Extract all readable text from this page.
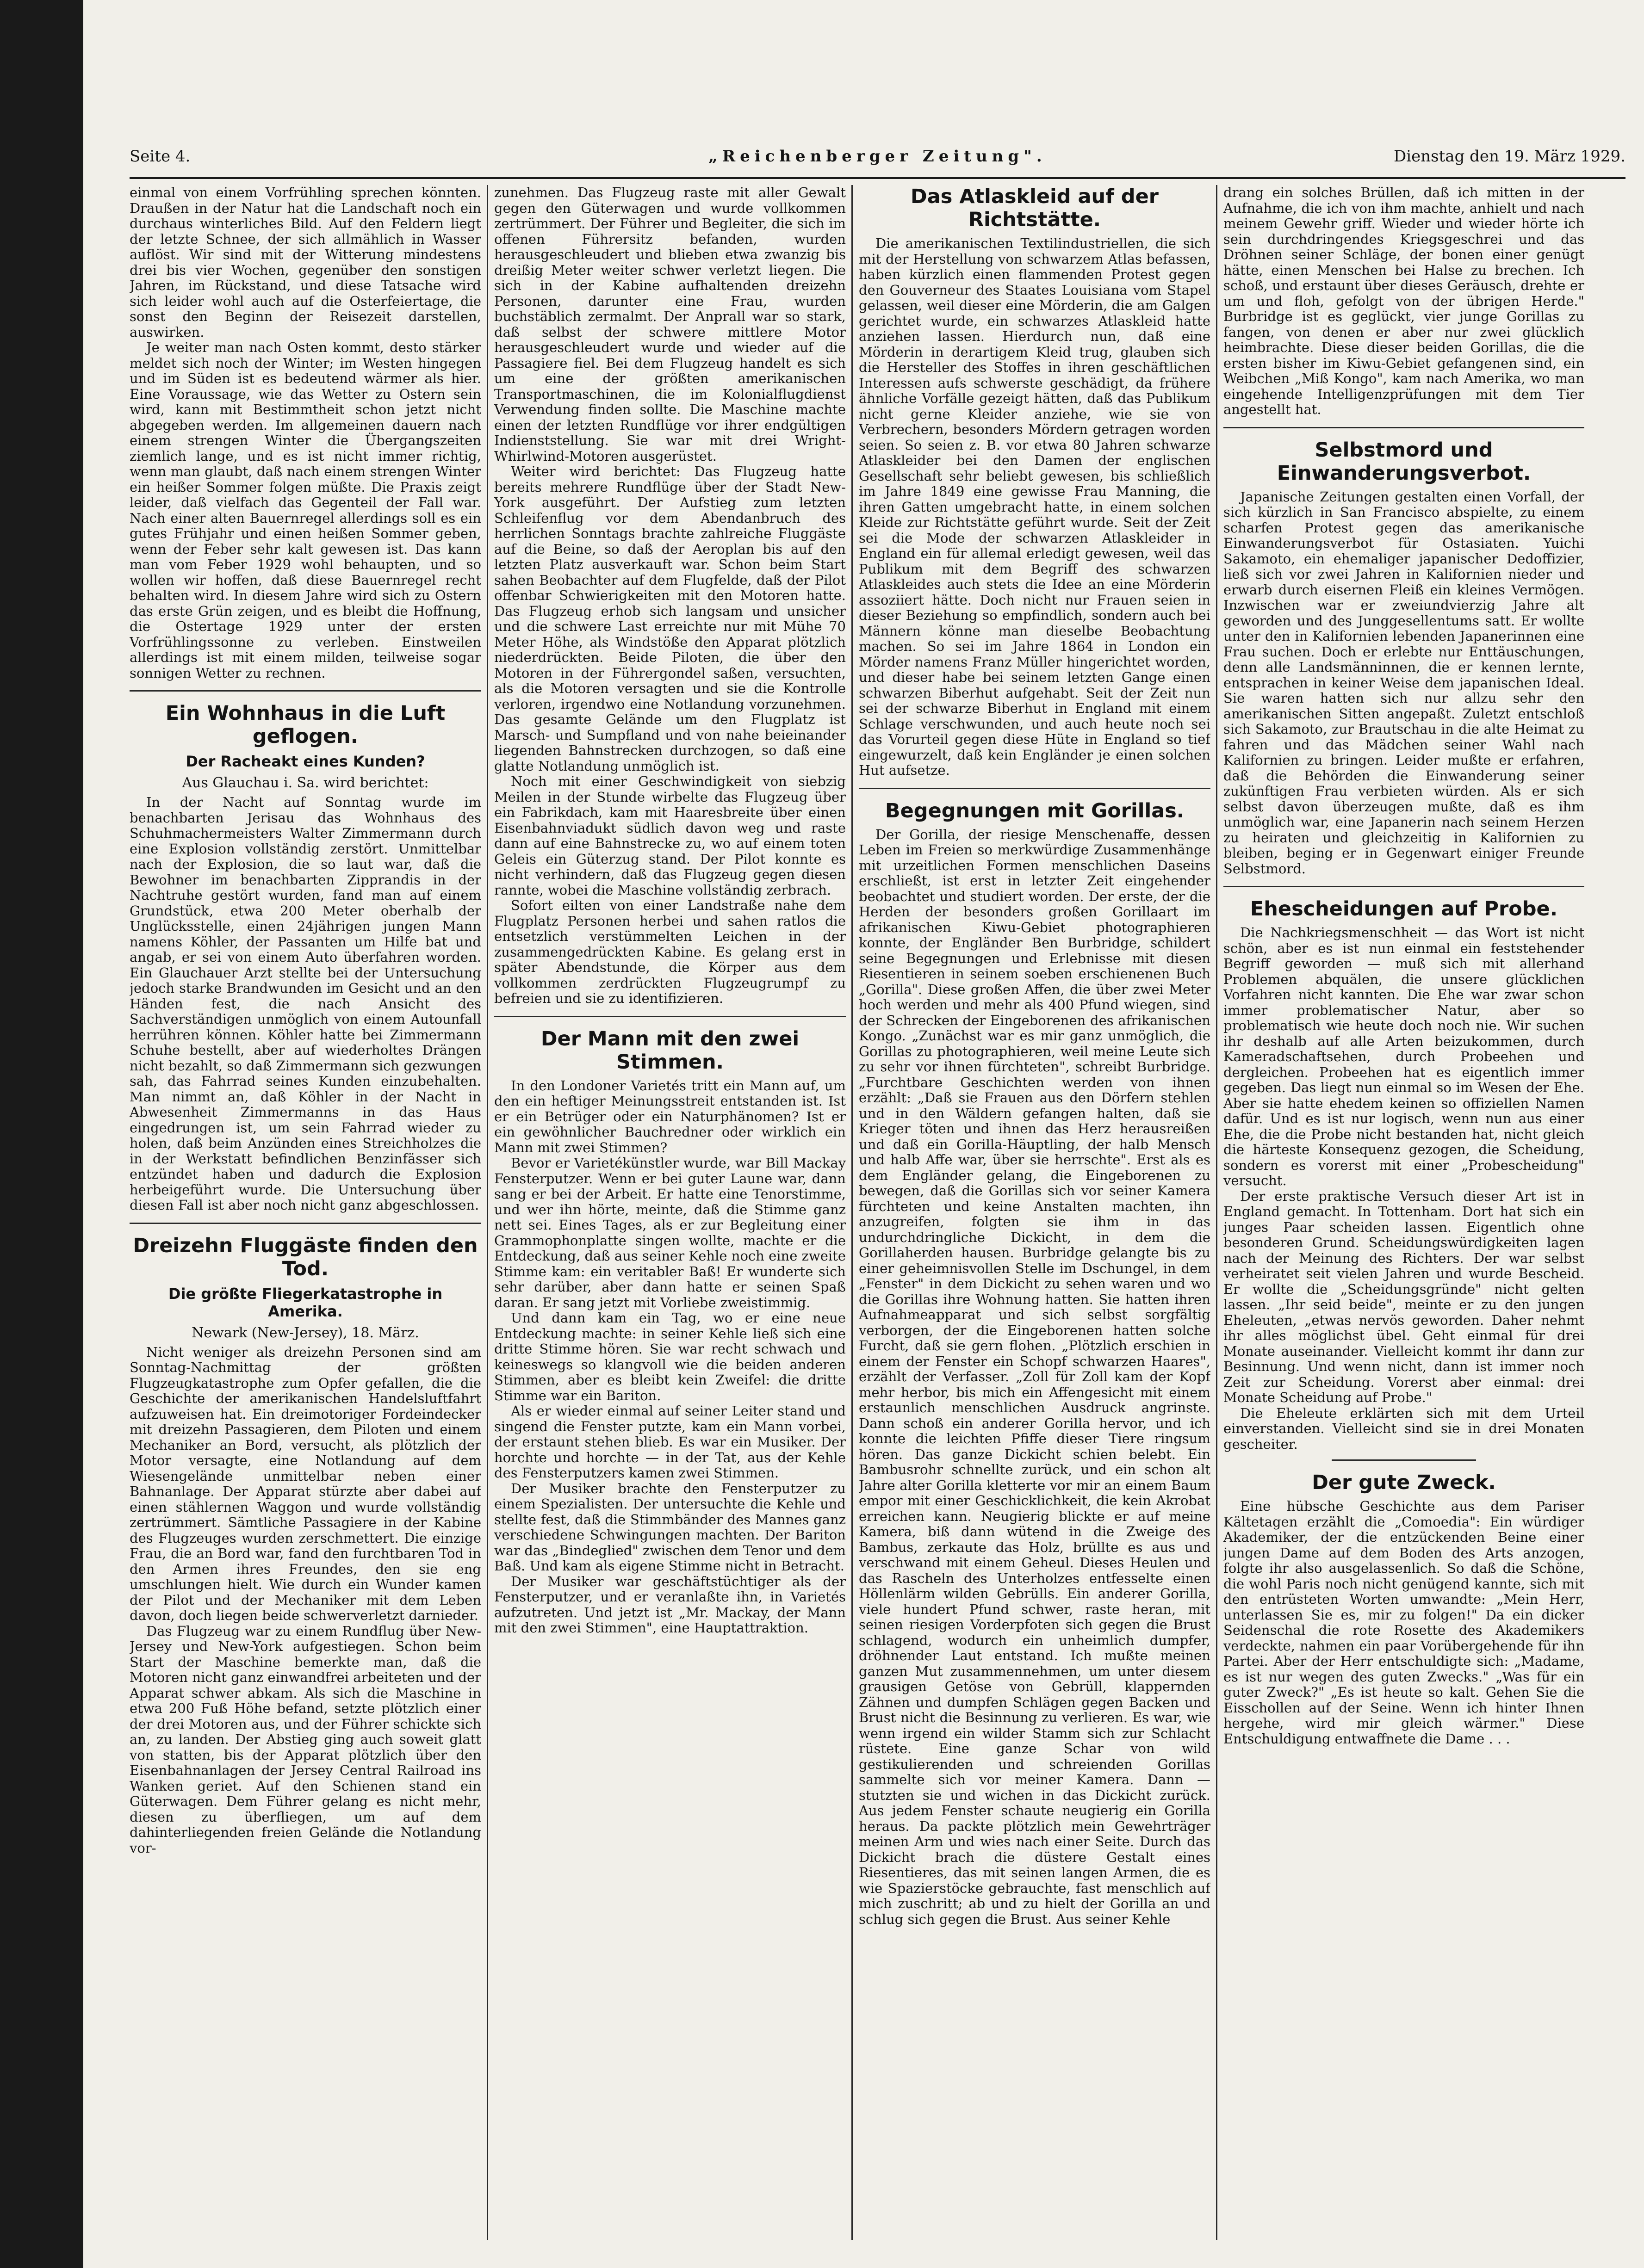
Seite 4.	„Reichenberger Zeitung".	Dienstag den 19. März 1929.

einmal von einem Vorfrühling sprechen könnten. Draußen in der Natur hat die Landschaft noch ein durchaus winterliches Bild. Auf den Feldern liegt der letzte Schnee, der sich allmählich in Wasser auflöst. Wir sind mit der Witterung mindestens drei bis vier Wochen, gegenüber den sonstigen Jahren, im Rückstand, und diese Tatsache wird sich leider wohl auch auf die Osterfeiertage, die sonst den Beginn der Reisezeit darstellen, auswirken.

Je weiter man nach Osten kommt, desto stärker meldet sich noch der Winter; im Westen hingegen und im Süden ist es bedeutend wärmer als hier. Eine Voraussage, wie das Wetter zu Ostern sein wird, kann mit Bestimmtheit schon jetzt nicht abgegeben werden. Im allgemeinen dauern nach einem strengen Winter die Übergangszeiten ziemlich lange, und es ist nicht immer richtig, wenn man glaubt, daß nach einem strengen Winter ein heißer Sommer folgen müßte. Die Praxis zeigt leider, daß vielfach das Gegenteil der Fall war. Nach einer alten Bauernregel allerdings soll es ein gutes Frühjahr und einen heißen Sommer geben, wenn der Feber sehr kalt gewesen ist. Das kann man vom Feber 1929 wohl behaupten, und so wollen wir hoffen, daß diese Bauernregel recht behalten wird. In diesem Jahre wird sich zu Ostern das erste Grün zeigen, und es bleibt die Hoffnung, die Ostertage 1929 unter der ersten Vorfrühlingssonne zu verleben. Einstweilen allerdings ist mit einem milden, teilweise sogar sonnigen Wetter zu rechnen.

Ein Wohnhaus in die Luft geflogen.
Der Racheakt eines Kunden?
Aus Glauchau i. Sa. wird berichtet:

In der Nacht auf Sonntag wurde im benachbarten Jerisau das Wohnhaus des Schuhmachermeisters Walter Zimmermann durch eine Explosion vollständig zerstört. Unmittelbar nach der Explosion, die so laut war, daß die Bewohner im benachbarten Zipprandis in der Nachtruhe gestört wurden, fand man auf einem Grundstück, etwa 200 Meter oberhalb der Unglücksstelle, einen 24jährigen jungen Mann namens Köhler, der Passanten um Hilfe bat und angab, er sei von einem Auto überfahren worden. Ein Glauchauer Arzt stellte bei der Untersuchung jedoch starke Brandwunden im Gesicht und an den Händen fest, die nach Ansicht des Sachverständigen unmöglich von einem Autounfall herrühren können. Köhler hatte bei Zimmermann Schuhe bestellt, aber auf wiederholtes Drängen nicht bezahlt, so daß Zimmermann sich gezwungen sah, das Fahrrad seines Kunden einzubehalten. Man nimmt an, daß Köhler in der Nacht in Abwesenheit Zimmermanns in das Haus eingedrungen ist, um sein Fahrrad wieder zu holen, daß beim Anzünden eines Streichholzes die in der Werkstatt befindlichen Benzinfässer sich entzündet haben und dadurch die Explosion herbeigeführt wurde. Die Untersuchung über diesen Fall ist aber noch nicht ganz abgeschlossen.

Dreizehn Fluggäste finden den Tod.
Die größte Fliegerkatastrophe in Amerika.
Newark (New-Jersey), 18. März.

Nicht weniger als dreizehn Personen sind am Sonntag-Nachmittag der größten Flugzeugkatastrophe zum Opfer gefallen, die die Geschichte der amerikanischen Handelsluftfahrt aufzuweisen hat. Ein dreimotoriger Fordeindecker mit dreizehn Passagieren, dem Piloten und einem Mechaniker an Bord, versucht, als plötzlich der Motor versagte, eine Notlandung auf dem Wiesengelände unmittelbar neben einer Bahnanlage. Der Apparat stürzte aber dabei auf einen stählernen Waggon und wurde vollständig zertrümmert. Sämtliche Passagiere in der Kabine des Flugzeuges wurden zerschmettert. Die einzige Frau, die an Bord war, fand den furchtbaren Tod in den Armen ihres Freundes, den sie eng umschlungen hielt. Wie durch ein Wunder kamen der Pilot und der Mechaniker mit dem Leben davon, doch liegen beide schwerverletzt darnieder.

Das Flugzeug war zu einem Rundflug über New-Jersey und New-York aufgestiegen. Schon beim Start der Maschine bemerkte man, daß die Motoren nicht ganz einwandfrei arbeiteten und der Apparat schwer abkam. Als sich die Maschine in etwa 200 Fuß Höhe befand, setzte plötzlich einer der drei Motoren aus, und der Führer schickte sich an, zu landen. Der Abstieg ging auch soweit glatt von statten, bis der Apparat plötzlich über den Eisenbahnanlagen der Jersey Central Railroad ins Wanken geriet. Auf den Schienen stand ein Güterwagen. Dem Führer gelang es nicht mehr, diesen zu überfliegen, um auf dem dahinterliegenden freien Gelände die Notlandung vor-

zunehmen. Das Flugzeug raste mit aller Gewalt gegen den Güterwagen und wurde vollkommen zertrümmert. Der Führer und Begleiter, die sich im offenen Führersitz befanden, wurden herausgeschleudert und blieben etwa zwanzig bis dreißig Meter weiter schwer verletzt liegen. Die sich in der Kabine aufhaltenden dreizehn Personen, darunter eine Frau, wurden buchstäblich zermalmt. Der Anprall war so stark, daß selbst der schwere mittlere Motor herausgeschleudert wurde und wieder auf die Passagiere fiel. Bei dem Flugzeug handelt es sich um eine der größten amerikanischen Transportmaschinen, die im Kolonialflugdienst Verwendung finden sollte. Die Maschine machte einen der letzten Rundflüge vor ihrer endgültigen Indienststellung. Sie war mit drei Wright-Whirlwind-Motoren ausgerüstet.

Weiter wird berichtet: Das Flugzeug hatte bereits mehrere Rundflüge über der Stadt New-York ausgeführt. Der Aufstieg zum letzten Schleifenflug vor dem Abendanbruch des herrlichen Sonntags brachte zahlreiche Fluggäste auf die Beine, so daß der Aeroplan bis auf den letzten Platz ausverkauft war. Schon beim Start sahen Beobachter auf dem Flugfelde, daß der Pilot offenbar Schwierigkeiten mit den Motoren hatte. Das Flugzeug erhob sich langsam und unsicher und die schwere Last erreichte nur mit Mühe 70 Meter Höhe, als Windstöße den Apparat plötzlich niederdrückten. Beide Piloten, die über den Motoren in der Führergondel saßen, versuchten, als die Motoren versagten und sie die Kontrolle verloren, irgendwo eine Notlandung vorzunehmen. Das gesamte Gelände um den Flugplatz ist Marsch- und Sumpfland und von nahe beieinander liegenden Bahnstrecken durchzogen, so daß eine glatte Notlandung unmöglich ist.

Noch mit einer Geschwindigkeit von siebzig Meilen in der Stunde wirbelte das Flugzeug über ein Fabrikdach, kam mit Haaresbreite über einen Eisenbahnviadukt südlich davon weg und raste dann auf eine Bahnstrecke zu, wo auf einem toten Geleis ein Güterzug stand. Der Pilot konnte es nicht verhindern, daß das Flugzeug gegen diesen rannte, wobei die Maschine vollständig zerbrach.

Sofort eilten von einer Landstraße nahe dem Flugplatz Personen herbei und sahen ratlos die entsetzlich verstümmelten Leichen in der zusammengedrückten Kabine. Es gelang erst in später Abendstunde, die Körper aus dem vollkommen zerdrückten Flugzeugrumpf zu befreien und sie zu identifizieren.

Der Mann mit den zwei Stimmen.

In den Londoner Varietés tritt ein Mann auf, um den ein heftiger Meinungsstreit entstanden ist. Ist er ein Betrüger oder ein Naturphänomen? Ist er ein gewöhnlicher Bauchredner oder wirklich ein Mann mit zwei Stimmen?

Bevor er Varietékünstler wurde, war Bill Mackay Fensterputzer. Wenn er bei guter Laune war, dann sang er bei der Arbeit. Er hatte eine Tenorstimme, und wer ihn hörte, meinte, daß die Stimme ganz nett sei. Eines Tages, als er zur Begleitung einer Grammophonplatte singen wollte, machte er die Entdeckung, daß aus seiner Kehle noch eine zweite Stimme kam: ein veritabler Baß! Er wunderte sich sehr darüber, aber dann hatte er seinen Spaß daran. Er sang jetzt mit Vorliebe zweistimmig.

Und dann kam ein Tag, wo er eine neue Entdeckung machte: in seiner Kehle ließ sich eine dritte Stimme hören. Sie war recht schwach und keineswegs so klangvoll wie die beiden anderen Stimmen, aber es bleibt kein Zweifel: die dritte Stimme war ein Bariton.

Als er wieder einmal auf seiner Leiter stand und singend die Fenster putzte, kam ein Mann vorbei, der erstaunt stehen blieb. Es war ein Musiker. Der horchte und horchte — in der Tat, aus der Kehle des Fensterputzers kamen zwei Stimmen.

Der Musiker brachte den Fensterputzer zu einem Spezialisten. Der untersuchte die Kehle und stellte fest, daß die Stimmbänder des Mannes ganz verschiedene Schwingungen machten. Der Bariton war das „Bindeglied" zwischen dem Tenor und dem Baß. Und kam als eigene Stimme nicht in Betracht.

Der Musiker war geschäftstüchtiger als der Fensterputzer, und er veranlaßte ihn, in Varietés aufzutreten. Und jetzt ist „Mr. Mackay, der Mann mit den zwei Stimmen", eine Hauptattraktion.

Das Atlaskleid auf der Richtstätte.

Die amerikanischen Textilindustriellen, die sich mit der Herstellung von schwarzem Atlas befassen, haben kürzlich einen flammenden Protest gegen den Gouverneur des Staates Louisiana vom Stapel gelassen, weil dieser eine Mörderin, die am Galgen gerichtet wurde, ein schwarzes Atlaskleid hatte anziehen lassen. Hierdurch nun, daß eine Mörderin in derartigem Kleid trug, glauben sich die Hersteller des Stoffes in ihren geschäftlichen Interessen aufs schwerste geschädigt, da frühere ähnliche Vorfälle gezeigt hätten, daß das Publikum nicht gerne Kleider anziehe, wie sie von Verbrechern, besonders Mördern getragen worden seien. So seien z. B. vor etwa 80 Jahren schwarze Atlaskleider bei den Damen der englischen Gesellschaft sehr beliebt gewesen, bis schließlich im Jahre 1849 eine gewisse Frau Manning, die ihren Gatten umgebracht hatte, in einem solchen Kleide zur Richtstätte geführt wurde. Seit der Zeit sei die Mode der schwarzen Atlaskleider in England ein für allemal erledigt gewesen, weil das Publikum mit dem Begriff des schwarzen Atlaskleides auch stets die Idee an eine Mörderin assoziiert hätte. Doch nicht nur Frauen seien in dieser Beziehung so empfindlich, sondern auch bei Männern könne man dieselbe Beobachtung machen. So sei im Jahre 1864 in London ein Mörder namens Franz Müller hingerichtet worden, und dieser habe bei seinem letzten Gange einen schwarzen Biberhut aufgehabt. Seit der Zeit nun sei der schwarze Biberhut in England mit einem Schlage verschwunden, und auch heute noch sei das Vorurteil gegen diese Hüte in England so tief eingewurzelt, daß kein Engländer je einen solchen Hut aufsetze.

Begegnungen mit Gorillas.

Der Gorilla, der riesige Menschenaffe, dessen Leben im Freien so merkwürdige Zusammenhänge mit urzeitlichen Formen menschlichen Daseins erschließt, ist erst in letzter Zeit eingehender beobachtet und studiert worden. Der erste, der die Herden der besonders großen Gorillaart im afrikanischen Kiwu-Gebiet photographieren konnte, der Engländer Ben Burbridge, schildert seine Begegnungen und Erlebnisse mit diesen Riesentieren in seinem soeben erschienenen Buch „Gorilla". Diese großen Affen, die über zwei Meter hoch werden und mehr als 400 Pfund wiegen, sind der Schrecken der Eingeborenen des afrikanischen Kongo. „Zunächst war es mir ganz unmöglich, die Gorillas zu photographieren, weil meine Leute sich zu sehr vor ihnen fürchteten", schreibt Burbridge. „Furchtbare Geschichten werden von ihnen erzählt: „Daß sie Frauen aus den Dörfern stehlen und in den Wäldern gefangen halten, daß sie Krieger töten und ihnen das Herz herausreißen und daß ein Gorilla-Häuptling, der halb Mensch und halb Affe war, über sie herrschte". Erst als es dem Engländer gelang, die Eingeborenen zu bewegen, daß die Gorillas sich vor seiner Kamera fürchteten und keine Anstalten machten, ihn anzugreifen, folgten sie ihm in das undurchdringliche Dickicht, in dem die Gorillaherden hausen. Burbridge gelangte bis zu einer geheimnisvollen Stelle im Dschungel, in dem „Fenster" in dem Dickicht zu sehen waren und wo die Gorillas ihre Wohnung hatten. Sie hatten ihren Aufnahmeapparat und sich selbst sorgfältig verborgen, der die Eingeborenen hatten solche Furcht, daß sie gern flohen. „Plötzlich erschien in einem der Fenster ein Schopf schwarzen Haares", erzählt der Verfasser. „Zoll für Zoll kam der Kopf mehr herbor, bis mich ein Affengesicht mit einem erstaunlich menschlichen Ausdruck angrinste. Dann schoß ein anderer Gorilla hervor, und ich konnte die leichten Pfiffe dieser Tiere ringsum hören. Das ganze Dickicht schien belebt. Ein Bambusrohr schnellte zurück, und ein schon alt Jahre alter Gorilla kletterte vor mir an einem Baum empor mit einer Geschicklichkeit, die kein Akrobat erreichen kann. Neugierig blickte er auf meine Kamera, biß dann wütend in die Zweige des Bambus, zerkaute das Holz, brüllte es aus und verschwand mit einem Geheul. Dieses Heulen und das Rascheln des Unterholzes entfesselte einen Höllenlärm wilden Gebrülls. Ein anderer Gorilla, viele hundert Pfund schwer, raste heran, mit seinen riesigen Vorderpfoten sich gegen die Brust schlagend, wodurch ein unheimlich dumpfer, dröhnender Laut entstand. Ich mußte meinen ganzen Mut zusammennehmen, um unter diesem grausigen Getöse von Gebrüll, klappernden Zähnen und dumpfen Schlägen gegen Backen und Brust nicht die Besinnung zu verlieren. Es war, wie wenn irgend ein wilder Stamm sich zur Schlacht rüstete. Eine ganze Schar von wild gestikulierenden und schreienden Gorillas sammelte sich vor meiner Kamera. Dann — stutzten sie und wichen in das Dickicht zurück. Aus jedem Fenster schaute neugierig ein Gorilla heraus. Da packte plötzlich mein Gewehrträger meinen Arm und wies nach einer Seite. Durch das Dickicht brach die düstere Gestalt eines Riesentieres, das mit seinen langen Armen, die es wie Spazierstöcke gebrauchte, fast menschlich auf mich zuschritt; ab und zu hielt der Gorilla an und schlug sich gegen die Brust. Aus seiner Kehle

drang ein solches Brüllen, daß ich mitten in der Aufnahme, die ich von ihm machte, anhielt und nach meinem Gewehr griff. Wieder und wieder hörte ich sein durchdringendes Kriegsgeschrei und das Dröhnen seiner Schläge, der bonen einer genügt hätte, einen Menschen bei Halse zu brechen. Ich schoß, und erstaunt über dieses Geräusch, drehte er um und floh, gefolgt von der übrigen Herde." Burbridge ist es geglückt, vier junge Gorillas zu fangen, von denen er aber nur zwei glücklich heimbrachte. Diese dieser beiden Gorillas, die die ersten bisher im Kiwu-Gebiet gefangenen sind, ein Weibchen „Miß Kongo", kam nach Amerika, wo man eingehende Intelligenzprüfungen mit dem Tier angestellt hat.

Selbstmord und Einwanderungsverbot.

Japanische Zeitungen gestalten einen Vorfall, der sich kürzlich in San Francisco abspielte, zu einem scharfen Protest gegen das amerikanische Einwanderungsverbot für Ostasiaten. Yuichi Sakamoto, ein ehemaliger japanischer Dedoffizier, ließ sich vor zwei Jahren in Kalifornien nieder und erwarb durch eisernen Fleiß ein kleines Vermögen. Inzwischen war er zweiundvierzig Jahre alt geworden und des Junggesellentums satt. Er wollte unter den in Kalifornien lebenden Japanerinnen eine Frau suchen. Doch er erlebte nur Enttäuschungen, denn alle Landsmänninnen, die er kennen lernte, entsprachen in keiner Weise dem japanischen Ideal. Sie waren hatten sich nur allzu sehr den amerikanischen Sitten angepaßt. Zuletzt entschloß sich Sakamoto, zur Brautschau in die alte Heimat zu fahren und das Mädchen seiner Wahl nach Kalifornien zu bringen. Leider mußte er erfahren, daß die Behörden die Einwanderung seiner zukünftigen Frau verbieten würden. Als er sich selbst davon überzeugen mußte, daß es ihm unmöglich war, eine Japanerin nach seinem Herzen zu heiraten und gleichzeitig in Kalifornien zu bleiben, beging er in Gegenwart einiger Freunde Selbstmord.

Ehescheidungen auf Probe.

Die Nachkriegsmenschheit — das Wort ist nicht schön, aber es ist nun einmal ein feststehender Begriff geworden — muß sich mit allerhand Problemen abquälen, die unsere glücklichen Vorfahren nicht kannten. Die Ehe war zwar schon immer problematischer Natur, aber so problematisch wie heute doch noch nie. Wir suchen ihr deshalb auf alle Arten beizukommen, durch Kameradschaftsehen, durch Probeehen und dergleichen. Probeehen hat es eigentlich immer gegeben. Das liegt nun einmal so im Wesen der Ehe. Aber sie hatte ehedem keinen so offiziellen Namen dafür. Und es ist nur logisch, wenn nun aus einer Ehe, die die Probe nicht bestanden hat, nicht gleich die härteste Konsequenz gezogen, die Scheidung, sondern es vorerst mit einer „Probescheidung" versucht.

Der erste praktische Versuch dieser Art ist in England gemacht. In Tottenham. Dort hat sich ein junges Paar scheiden lassen. Eigentlich ohne besonderen Grund. Scheidungswürdigkeiten lagen nach der Meinung des Richters. Der war selbst verheiratet seit vielen Jahren und wurde Bescheid. Er wollte die „Scheidungsgründe" nicht gelten lassen. „Ihr seid beide", meinte er zu den jungen Eheleuten, „etwas nervös geworden. Daher nehmt ihr alles möglichst übel. Geht einmal für drei Monate auseinander. Vielleicht kommt ihr dann zur Besinnung. Und wenn nicht, dann ist immer noch Zeit zur Scheidung. Vorerst aber einmal: drei Monate Scheidung auf Probe."

Die Eheleute erklärten sich mit dem Urteil einverstanden. Vielleicht sind sie in drei Monaten gescheiter.

Der gute Zweck.

Eine hübsche Geschichte aus dem Pariser Kältetagen erzählt die „Comoedia": Ein würdiger Akademiker, der die entzückenden Beine einer jungen Dame auf dem Boden des Arts anzogen, folgte ihr also ausgelassenlich. So daß die Schöne, die wohl Paris noch nicht genügend kannte, sich mit den entrüsteten Worten umwandte: „Mein Herr, unterlassen Sie es, mir zu folgen!" Da ein dicker Seidenschal die rote Rosette des Akademikers verdeckte, nahmen ein paar Vorübergehende für ihn Partei. Aber der Herr entschuldigte sich: „Madame, es ist nur wegen des guten Zwecks." „Was für ein guter Zweck?" „Es ist heute so kalt. Gehen Sie die Eisschollen auf der Seine. Wenn ich hinter Ihnen hergehe, wird mir gleich wärmer." Diese Entschuldigung entwaffnete die Dame . . .
